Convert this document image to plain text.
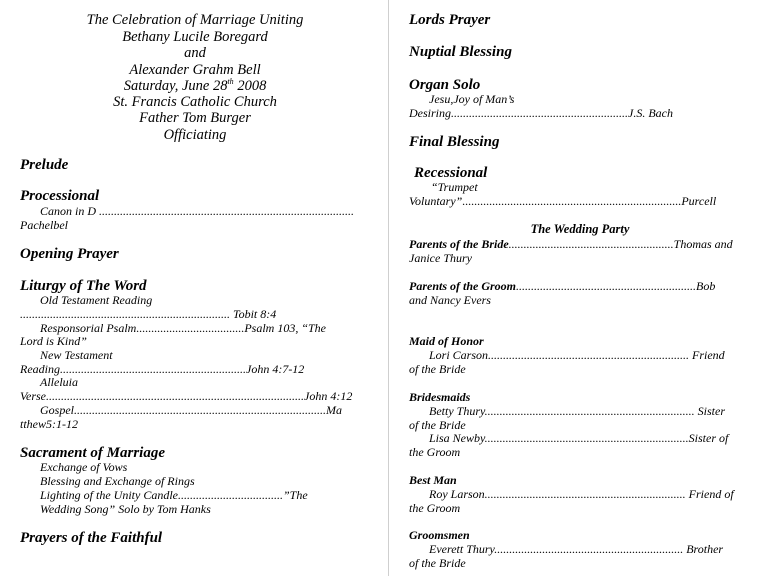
The Celebration of Marriage Uniting
Bethany Lucile Boregard
and
Alexander Grahm Bell
Saturday, June 28th 2008
St. Francis Catholic Church
Father Tom Burger
Officiating
Prelude
Processional
Canon in D .....................................................................................
Pachelbel
Opening Prayer
Liturgy of The Word
Old Testament Reading
...................................................................... Tobit 8:4
Responsorial Psalm....................................Psalm 103, “The
Lord is Kind”
New Testament
Reading..............................................................John 4:7-12
Alleluia
Verse......................................................................................John 4:12
Gospel....................................................................................Ma
tthew5:1-12
Sacrament of Marriage
Exchange of Vows
Blessing and Exchange of Rings
Lighting of the Unity Candle...................................”The
Wedding Song” Solo by Tom Hanks
Prayers of the Faithful
Lords Prayer
Nuptial Blessing
Organ Solo
Jesu,Joy of Man’s
Desiring...........................................................J.S. Bach
Final Blessing
Recessional
“Trumpet
Voluntary”.........................................................................Purcell
The Wedding Party
Parents of the Bride.......................................................Thomas and
Janice Thury
Parents of the Groom............................................................Bob
and Nancy Evers
Maid of Honor
Lori Carson................................................................... Friend
of the Bride
Bridesmaids
Betty Thury...................................................................... Sister
of the Bride
Lisa Newby....................................................................Sister of
the Groom
Best Man
Roy Larson................................................................... Friend of
the Groom
Groomsmen
Everett Thury............................................................... Brother
of the Bride
